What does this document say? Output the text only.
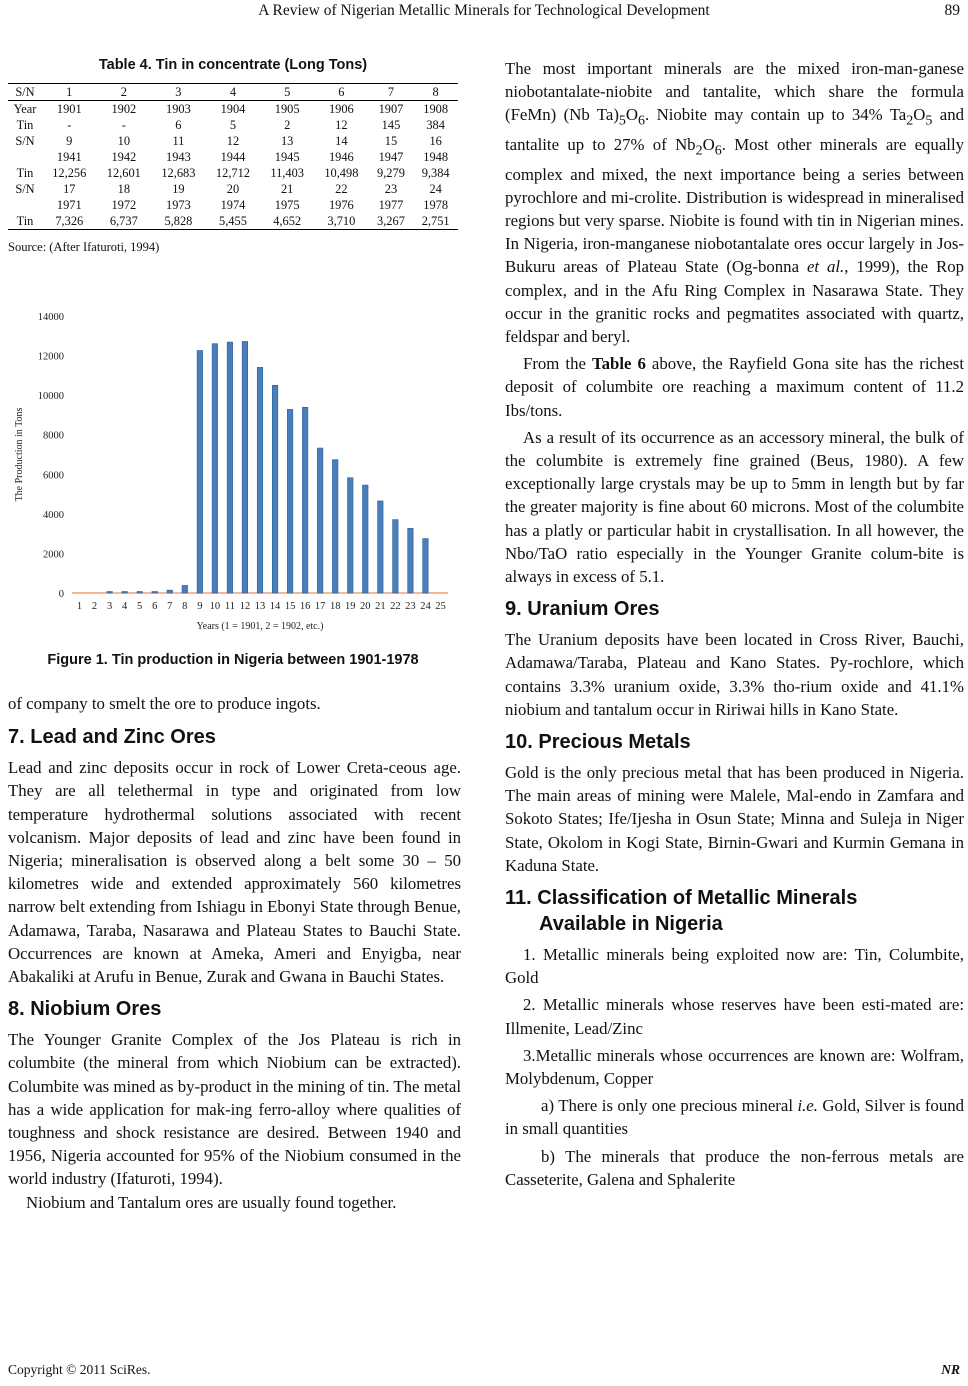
A Review of Nigerian Metallic Minerals for Technological Development	89
Table 4. Tin in concentrate (Long Tons)
S/N	1	2	3	4	5	6	7	8
Year	1901	1902	1903	1904	1905	1906	1907	1908
Tin	-	-	6	5	2	12	145	384
S/N	9	10	11	12	13	14	15	16
	1941	1942	1943	1944	1945	1946	1947	1948
Tin	12,256	12,601	12,683	12,712	11,403	10,498	9,279	9,384
S/N	17	18	19	20	21	22	23	24
	1971	1972	1973	1974	1975	1976	1977	1978
Tin	7,326	6,737	5,828	5,455	4,652	3,710	3,267	2,751
Source: (After Ifaturoti, 1994)
0
2000
4000
6000
8000
10000
12000
14000
1 2 3 4 5 6 7 8 9 10 11 12 13 14 15 16 17 18 19 20 21 22 23 24 25
Years (1 = 1901, 2 = 1902, etc.)
The Production in Tons
Figure 1. Tin production in Nigeria between 1901-1978

of company to smelt the ore to produce ingots.

7. Lead and Zinc Ores

Lead and zinc deposits occur in rock of Lower Creta-ceous age. They are all telethermal in type and originated from low temperature hydrothermal solutions associated with recent volcanism. Major deposits of lead and zinc have been found in Nigeria; mineralisation is observed along a belt some 30 – 50 kilometres wide and extended approximately 560 kilometres narrow belt extending from Ishiagu in Ebonyi State through Benue, Adamawa, Taraba, Nasarawa and Plateau States to Bauchi State. Occurrences are known at Ameka, Ameri and Enyigba, near Abakaliki at Arufu in Benue, Zurak and Gwana in Bauchi States.

8. Niobium Ores

The Younger Granite Complex of the Jos Plateau is rich in columbite (the mineral from which Niobium can be extracted). Columbite was mined as by-product in the mining of tin. The metal has a wide application for mak-ing ferro-alloy where qualities of toughness and shock resistance are desired. Between 1940 and 1956, Nigeria accounted for 95% of the Niobium consumed in the world industry (Ifaturoti, 1994).

Niobium and Tantalum ores are usually found together.

The most important minerals are the mixed iron-man-ganese niobotantalate-niobite and tantalite, which share the formula (FeMn) (Nb $Ta)_5O_6$. Niobite may contain up to 34% $Ta_2O_5$ and tantalite up to 27% of $Nb_2O_6$. Most other minerals are equally complex and mixed, the next importance being a series between pyrochlore and mi-crolite. Distribution is widespread in mineralised regions but very sparse. Niobite is found with tin in Nigerian mines. In Nigeria, iron-manganese niobotantalate ores occur largely in Jos-Bukuru areas of Plateau State (Og-bonna et al., 1999), the Rop complex, and in the Afu Ring Complex in Nasarawa State. They occur in the granitic rocks and pegmatites associated with quartz, feldspar and beryl.

From the Table 6 above, the Rayfield Gona site has the richest deposit of columbite ore reaching a maximum content of 11.2 Ibs/tons.

As a result of its occurrence as an accessory mineral, the bulk of the columbite is extremely fine grained (Beus, 1980). A few exceptionally large crystals may be up to 5mm in length but by far the greater majority is fine about 60 microns. Most of the columbite has a platly or particular habit in crystallisation. In all however, the Nbo/TaO ratio especially in the Younger Granite colum-bite is always in excess of 5.1.

9. Uranium Ores

The Uranium deposits have been located in Cross River, Bauchi, Adamawa/Taraba, Plateau and Kano States. Py-rochlore, which contains 3.3% uranium oxide, 3.3% tho-rium oxide and 41.1% niobium and tantalum occur in Ririwai hills in Kano State.

10. Precious Metals

Gold is the only precious metal that has been produced in Nigeria. The main areas of mining were Malele, Mal-endo in Zamfara and Sokoto States; Ife/Ijesha in Osun State; Minna and Suleja in Niger State, Okolom in Kogi State, Birnin-Gwari and Kurmin Gemana in Kaduna State.

11. Classification of Metallic Minerals
Available in Nigeria

1. Metallic minerals being exploited now are: Tin, Columbite, Gold

2. Metallic minerals whose reserves have been esti-mated are: Illmenite, Lead/Zinc

3.Metallic minerals whose occurrences are known are: Wolfram, Molybdenum, Copper

a) There is only one precious mineral i.e. Gold, Silver is found in small quantities

b) The minerals that produce the non-ferrous metals are Casseterite, Galena and Sphalerite

Copyright © 2011 SciRes.	NR
